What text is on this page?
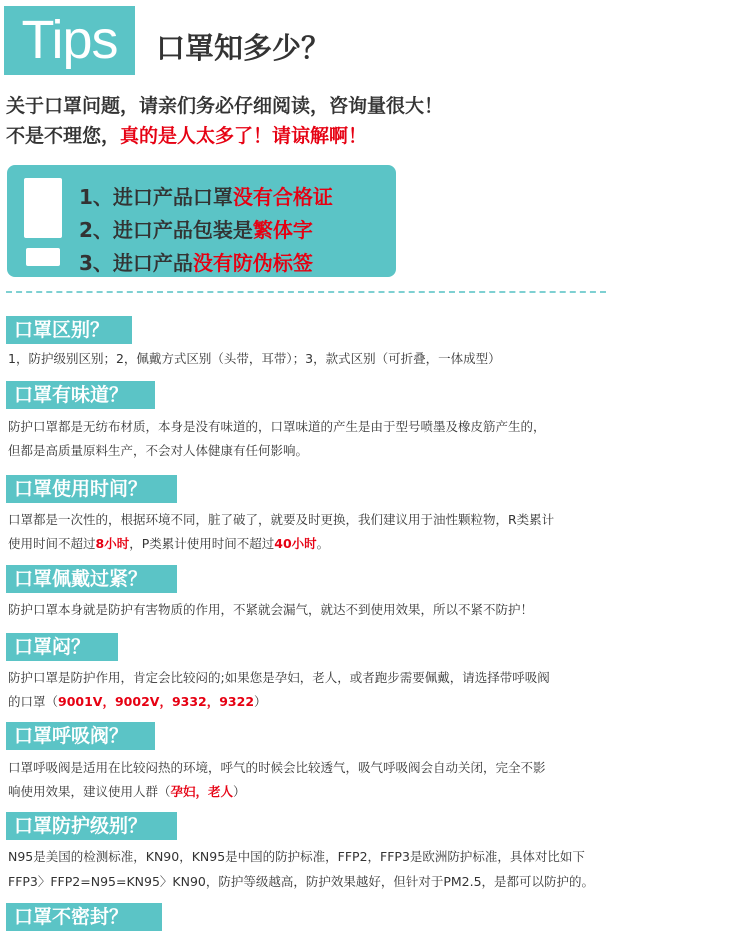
Tips	口罩知多少？
关于口罩问题，请亲们务必仔细阅读，咨询量很大！
不是不理您，真的是人太多了！请谅解啊！
1、进口产品口罩没有合格证
2、进口产品包装是繁体字
3、进口产品没有防伪标签
口罩区别？
1，防护级别区别；2，佩戴方式区别（头带，耳带）；3，款式区别（可折叠，一体成型）
口罩有味道？
防护口罩都是无纺布材质，本身是没有味道的，口罩味道的产生是由于型号喷墨及橡皮筋产生的，
但都是高质量原料生产，不会对人体健康有任何影响。
口罩使用时间？
口罩都是一次性的，根据环境不同，脏了破了，就要及时更换，我们建议用于油性颗粒物，R类累计
使用时间不超过8小时，P类累计使用时间不超过40小时。
口罩佩戴过紧？
防护口罩本身就是防护有害物质的作用，不紧就会漏气，就达不到使用效果，所以不紧不防护！
口罩闷？
防护口罩是防护作用，肯定会比较闷的;如果您是孕妇，老人，或者跑步需要佩戴，请选择带呼吸阀
的口罩（9001V，9002V，9332，9322）
口罩呼吸阀？
口罩呼吸阀是适用在比较闷热的环境，呼气的时候会比较透气，吸气呼吸阀会自动关闭，完全不影
响使用效果，建议使用人群（孕妇，老人）
口罩防护级别？
N95是美国的检测标准，KN90，KN95是中国的防护标准，FFP2，FFP3是欧洲防护标准，具体对比如下
FFP3〉FFP2=N95=KN95〉KN90，防护等级越高，防护效果越好，但针对于PM2.5，是都可以防护的。
口罩不密封？
